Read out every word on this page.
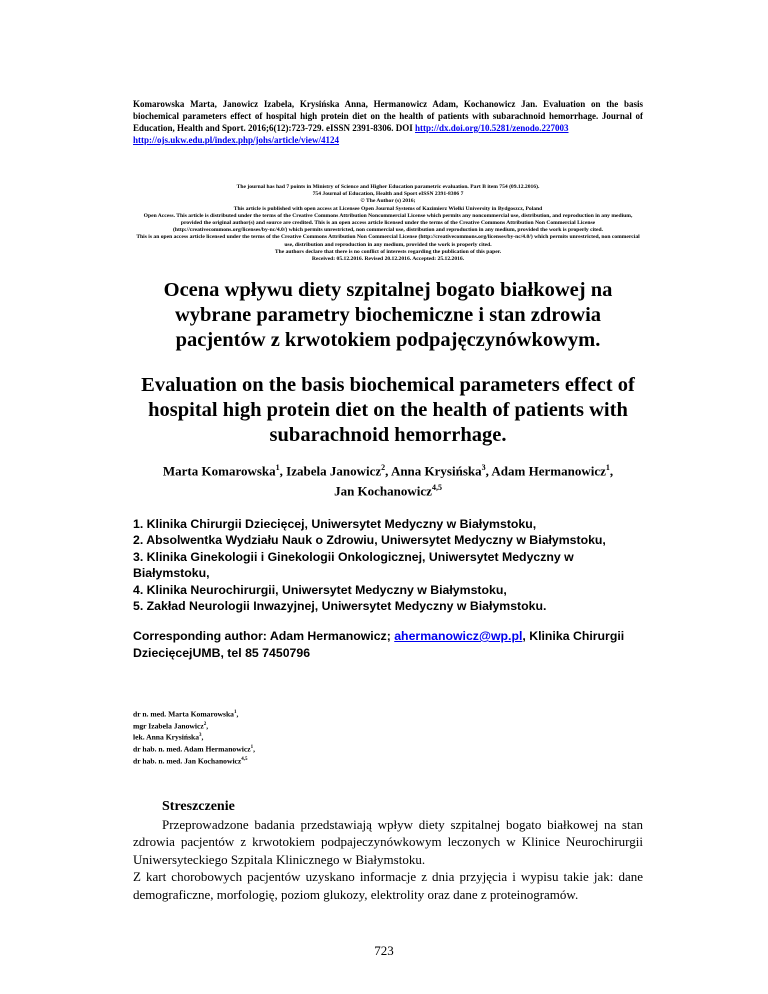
Komarowska Marta, Janowicz Izabela, Krysińska Anna, Hermanowicz Adam, Kochanowicz Jan. Evaluation on the basis biochemical parameters effect of hospital high protein diet on the health of patients with subarachnoid hemorrhage. Journal of Education, Health and Sport. 2016;6(12):723-729. eISSN 2391-8306. DOI http://dx.doi.org/10.5281/zenodo.227003
http://ojs.ukw.edu.pl/index.php/johs/article/view/4124
The journal has had 7 points in Ministry of Science and Higher Education parametric evaluation. Part B item 754 (09.12.2016).
754 Journal of Education, Health and Sport eISSN 2391-8306 7
© The Author (s) 2016;
This article is published with open access at Licensee Open Journal Systems of Kazimierz Wielki University in Bydgoszcz, Poland
Open Access. This article is distributed under the terms of the Creative Commons Attribution Noncommercial License which permits any noncommercial use, distribution, and reproduction in any medium,
provided the original author(s) and source are credited. This is an open access article licensed under the terms of the Creative Commons Attribution Non Commercial License
(http://creativecommons.org/licenses/by-nc/4.0/) which permits unrestricted, non commercial use, distribution and reproduction in any medium, provided the work is properly cited.
This is an open access article licensed under the terms of the Creative Commons Attribution Non Commercial License (http://creativecommons.org/licenses/by-nc/4.0/) which permits unrestricted, non commercial
use, distribution and reproduction in any medium, provided the work is properly cited.
The authors declare that there is no conflict of interests regarding the publication of this paper.
Received: 05.12.2016. Revised 20.12.2016. Accepted: 25.12.2016.
Ocena wpływu diety szpitalnej bogato białkowej na wybrane parametry biochemiczne i stan zdrowia pacjentów z krwotokiem podpajęczynówkowym.
Evaluation on the basis biochemical parameters effect of hospital high protein diet on the health of patients with subarachnoid hemorrhage.
Marta Komarowska$^1$, Izabela Janowicz$^2$, Anna Krysińska$^3$, Adam Hermanowicz$^1$,
Jan Kochanowicz$^{4,5}$
1. Klinika Chirurgii Dziecięcej, Uniwersytet Medyczny w Białymstoku,
2. Absolwentka Wydziału Nauk o Zdrowiu, Uniwersytet Medyczny w Białymstoku,
3. Klinika Ginekologii i Ginekologii Onkologicznej, Uniwersytet Medyczny w
Białymstoku,
4. Klinika Neurochirurgii, Uniwersytet Medyczny w Białymstoku,
5. Zakład Neurologii Inwazyjnej, Uniwersytet Medyczny w Białymstoku.
Corresponding author: Adam Hermanowicz; ahermanowicz@wp.pl, Klinika Chirurgii DziecięcejUMB, tel 85 7450796
dr n. med. Marta Komarowska$^1$,
mgr Izabela Janowicz$^2$,
lek. Anna Krysińska$^3$,
dr hab. n. med. Adam Hermanowicz$^1$,
dr hab. n. med. Jan Kochanowicz$^{4,5}$
Streszczenie

Przeprowadzone badania przedstawiają wpływ diety szpitalnej bogato białkowej na stan zdrowia pacjentów z krwotokiem podpajeczynówkowym leczonych w Klinice Neurochirurgii Uniwersyteckiego Szpitala Klinicznego w Białymstoku.

Z kart chorobowych pacjentów uzyskano informacje z dnia przyjęcia i wypisu takie jak: dane demograficzne, morfologię, poziom glukozy, elektrolity oraz dane z proteinogramów.

723
